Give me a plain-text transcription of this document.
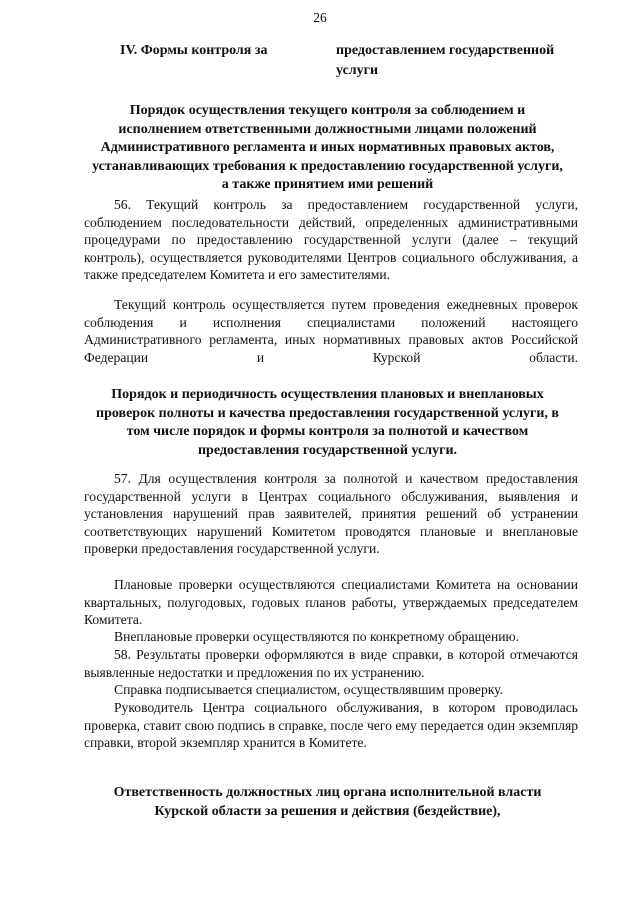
26
IV. Формы контроля за	предоставлением государственной
услуги
Порядок осуществления текущего контроля за соблюдением и исполнением ответственными должностными лицами положений Административного регламента и иных нормативных правовых актов, устанавливающих требования к предоставлению государственной услуги, а также принятием ими решений
56. Текущий контроль за предоставлением государственной услуги, соблюдением последовательности действий, определенных административными процедурами по предоставлению государственной услуги (далее – текущий контроль), осуществляется руководителями Центров социального обслуживания, а также председателем Комитета и его заместителями.
Текущий контроль осуществляется путем проведения ежедневных проверок соблюдения и исполнения специалистами положений настоящего Административного регламента, иных нормативных правовых актов Российской Федерации и Курской области.
Порядок и периодичность осуществления плановых и внеплановых проверок полноты и качества предоставления государственной услуги, в том числе порядок и формы контроля за полнотой и качеством предоставления государственной услуги.
57. Для осуществления контроля за полнотой и качеством предоставления государственной услуги в Центрах социального обслуживания, выявления и установления нарушений прав заявителей, принятия решений об устранении соответствующих нарушений Комитетом проводятся плановые и внеплановые проверки предоставления государственной услуги.
Плановые проверки осуществляются специалистами Комитета на основании квартальных, полугодовых, годовых планов работы, утверждаемых председателем Комитета.
Внеплановые проверки осуществляются по конкретному обращению.
58. Результаты проверки оформляются в виде справки, в которой отмечаются выявленные недостатки и предложения по их устранению.
Справка подписывается специалистом, осуществлявшим проверку.
Руководитель Центра социального обслуживания, в котором проводилась проверка, ставит свою подпись в справке, после чего ему передается один экземпляр справки, второй экземпляр хранится в Комитете.
Ответственность должностных лиц органа исполнительной власти Курской области за решения и действия (бездействие),
